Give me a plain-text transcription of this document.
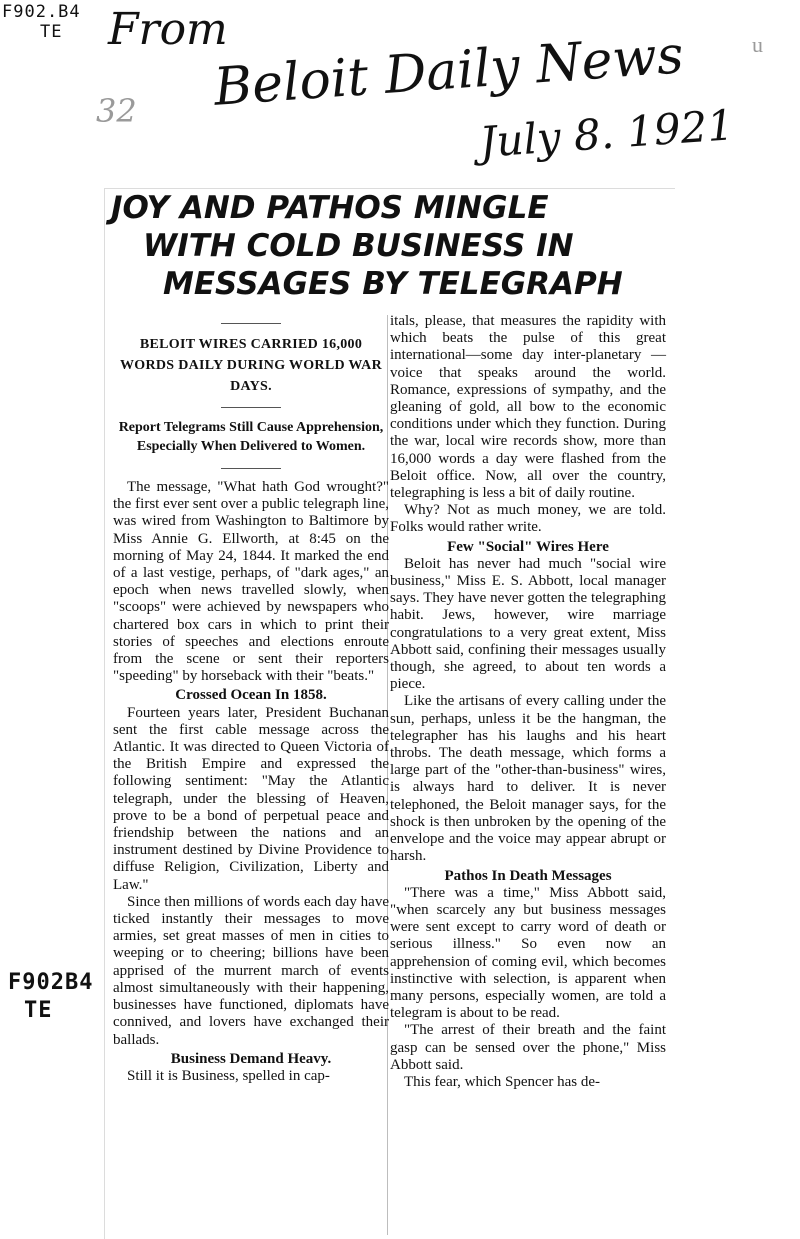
F902.B4
TE From
Beloit Daily News
July 8. 1921
32
u
F902B4
TE
JOY AND PATHOS MINGLE
WITH COLD BUSINESS IN
MESSAGES BY TELEGRAPH

BELOIT WIRES CARRIED 16,000 WORDS DAILY DURING WORLD WAR DAYS.

Report Telegrams Still Cause Apprehension, Especially When Delivered to Women.

The message, "What hath God wrought?" the first ever sent over a public telegraph line, was wired from Washington to Baltimore by Miss Annie G. Ellworth, at 8:45 on the morning of May 24, 1844. It marked the end of a last vestige, perhaps, of "dark ages," an epoch when news travelled slowly, when "scoops" were achieved by newspapers who chartered box cars in which to print their stories of speeches and elections enroute from the scene or sent their reporters "speeding" by horseback with their "beats."

Crossed Ocean In 1858.

Fourteen years later, President Buchanan sent the first cable message across the Atlantic. It was directed to Queen Victoria of the British Empire and expressed the following sentiment: "May the Atlantic telegraph, under the blessing of Heaven, prove to be a bond of perpetual peace and friendship between the nations and an instrument destined by Divine Providence to diffuse Religion, Civilization, Liberty and Law."

Since then millions of words each day have ticked instantly their messages to move armies, set great masses of men in cities to weeping or to cheering; billions have been apprised of the murrent march of events almost simultaneously with their happening, businesses have functioned, diplomats have connived, and lovers have exchanged their ballads.

Business Demand Heavy.

Still it is Business, spelled in cap-

itals, please, that measures the rapidity with which beats the pulse of this great international—some day inter-planetary —voice that speaks around the world. Romance, expressions of sympathy, and the gleaning of gold, all bow to the economic conditions under which they function. During the war, local wire records show, more than 16,000 words a day were flashed from the Beloit office. Now, all over the country, telegraphing is less a bit of daily routine.

Why? Not as much money, we are told. Folks would rather write.

Few "Social" Wires Here

Beloit has never had much "social wire business," Miss E. S. Abbott, local manager says. They have never gotten the telegraphing habit. Jews, however, wire marriage congratulations to a very great extent, Miss Abbott said, confining their messages usually though, she agreed, to about ten words a piece.

Like the artisans of every calling under the sun, perhaps, unless it be the hangman, the telegrapher has his laughs and his heart throbs. The death message, which forms a large part of the "other-than-business" wires, is always hard to deliver. It is never telephoned, the Beloit manager says, for the shock is then unbroken by the opening of the envelope and the voice may appear abrupt or harsh.

Pathos In Death Messages

"There was a time," Miss Abbott said, "when scarcely any but business messages were sent except to carry word of death or serious illness." So even now an apprehension of coming evil, which becomes instinctive with selection, is apparent when many persons, especially women, are told a telegram is about to be read.

"The arrest of their breath and the faint gasp can be sensed over the phone," Miss Abbott said.

This fear, which Spencer has de-
